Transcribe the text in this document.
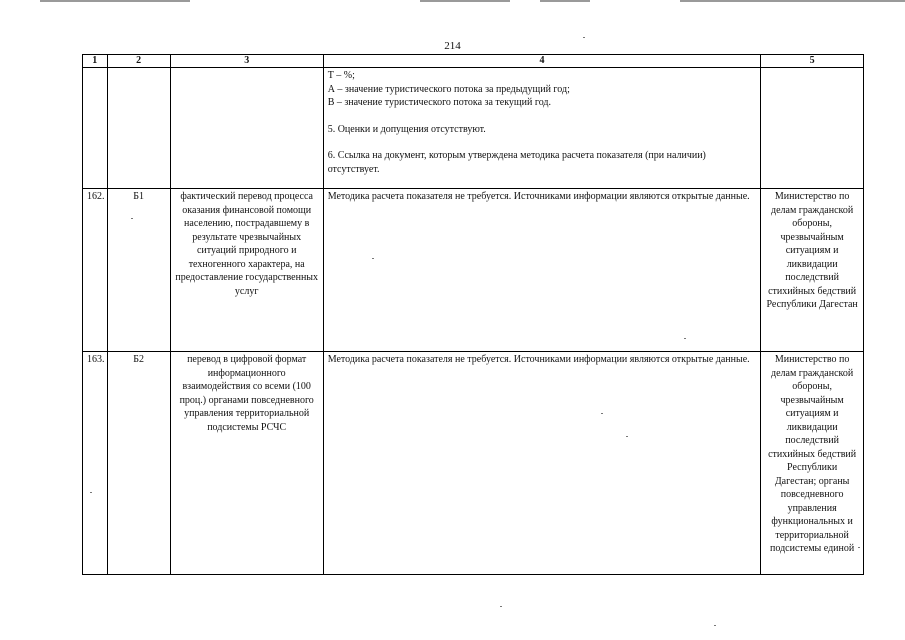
214
1	2	3	4	5

			Т – %;
А – значение туристического потока за предыдущий год;
В – значение туристического потока за текущий год.
5. Оценки и допущения отсутствуют.
6. Ссылка на документ, которым утверждена методика расчета показателя (при наличии) отсутствует.	

162.	Б1	фактический перевод процесса оказания финансовой помощи населению, пострадавшему в результате чрезвычайных ситуаций природного и техногенного характера, на предоставление государственных услуг	Методика расчета показателя не требуется. Источниками информации являются открытые данные.	Министерство по делам гражданской обороны, чрезвычайным ситуациям и ликвидации последствий стихийных бедствий Республики Дагестан
163.	Б2	перевод в цифровой формат информационного взаимодействия со всеми (100 проц.) органами повседневного управления территориальной подсистемы РСЧС	Методика расчета показателя не требуется. Источниками информации являются открытые данные.	Министерство по делам гражданской обороны, чрезвычайным ситуациям и ликвидации последствий стихийных бедствий Республики Дагестан; органы повседневного управления функциональных и территориальной подсистемы единой
